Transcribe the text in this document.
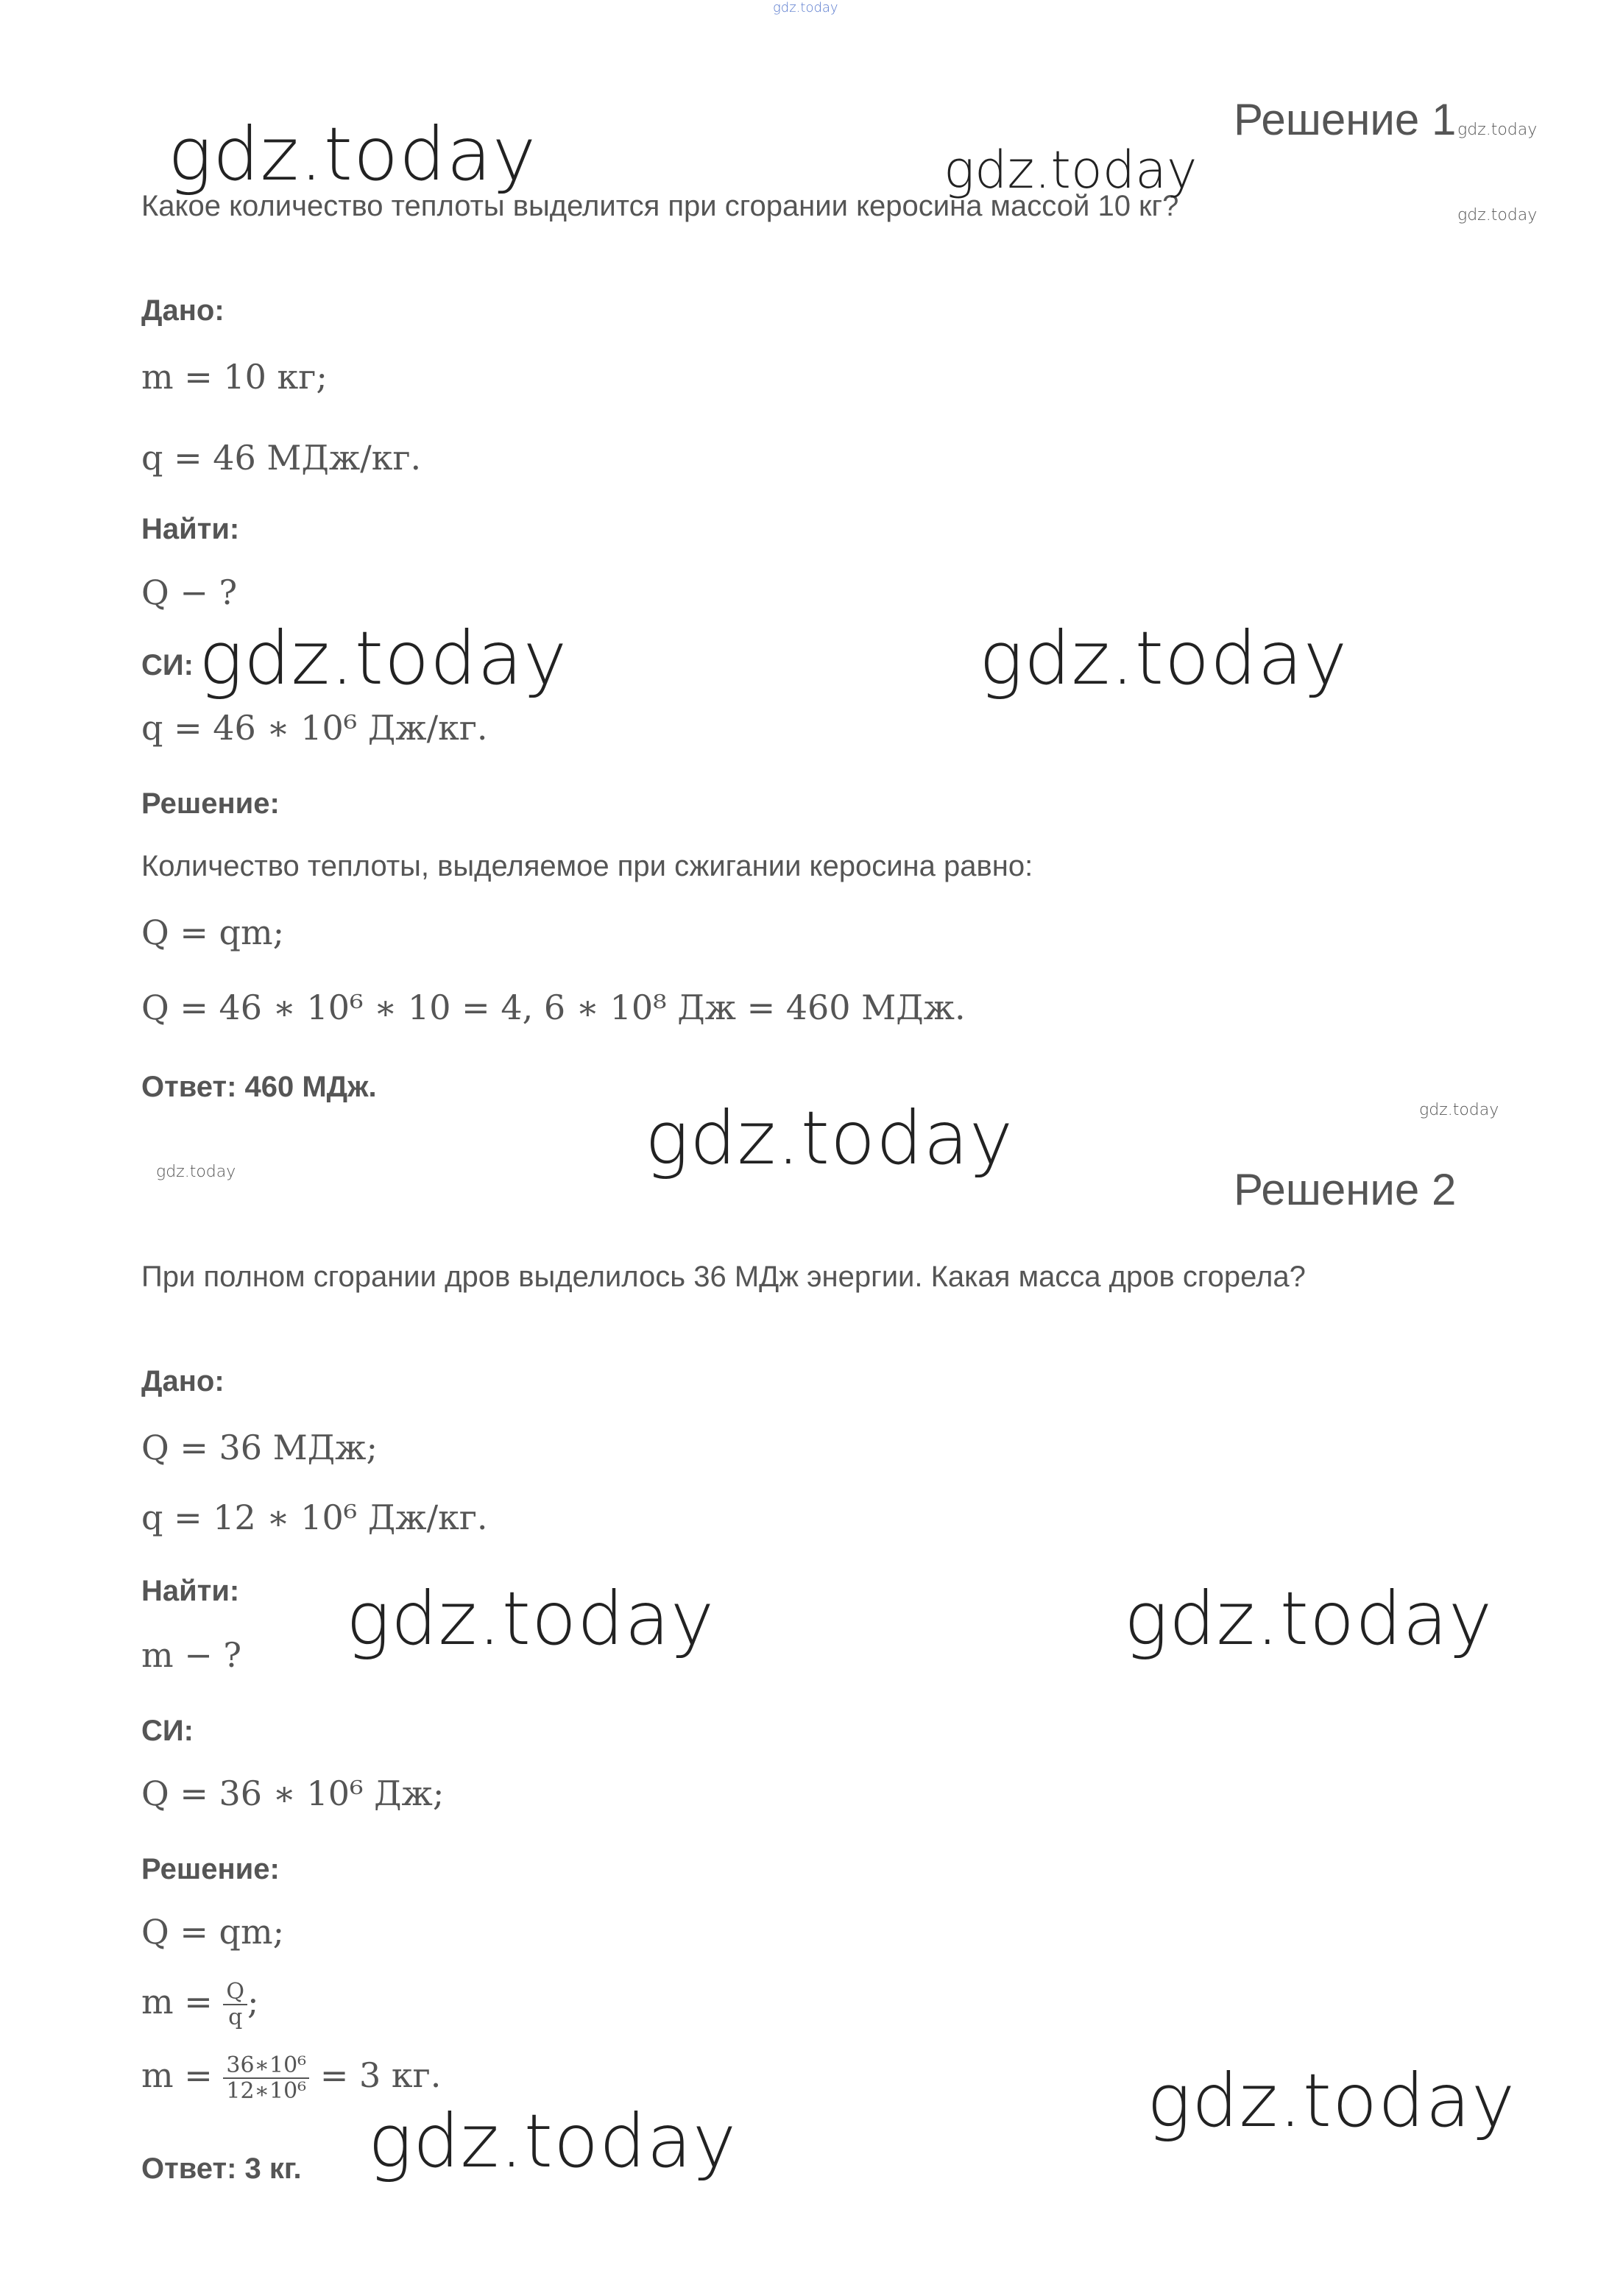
gdz.today
Решение 1
Какое количество теплоты выделится при сгорании керосина массой 10 кг?
Дано:
m = 10 кг;
q = 46 МДж/кг.
Найти:
Q − ?
СИ:
q = 46 ∗ 10⁶ Дж/кг.
Решение:
Количество теплоты, выделяемое при сжигании керосина равно:
Q = qm;
Q = 46 ∗ 10⁶ ∗ 10 = 4, 6 ∗ 10⁸ Дж = 460 МДж.
Ответ: 460 МДж.
Решение 2
При полном сгорании дров выделилось 36 МДж энергии. Какая масса дров сгорела?
Дано:
Q = 36 МДж;
q = 12 ∗ 10⁶ Дж/кг.
Найти:
m − ?
СИ:
Q = 36 ∗ 10⁶ Дж;
Решение:
Q = qm;
$m = \frac{Q}{q}$ ;
$m = \frac{\text{36∗10⁶}}{\text{12∗10⁶}} = 3$ кг.
Ответ: 3 кг.
gdz.today	gdz.today
gdz.today	gdz.today
gdz.today
gdz.today	gdz.today
gdz.today
gdz.today
gdz.today
gdz.today
gdz.today
gdz.today
